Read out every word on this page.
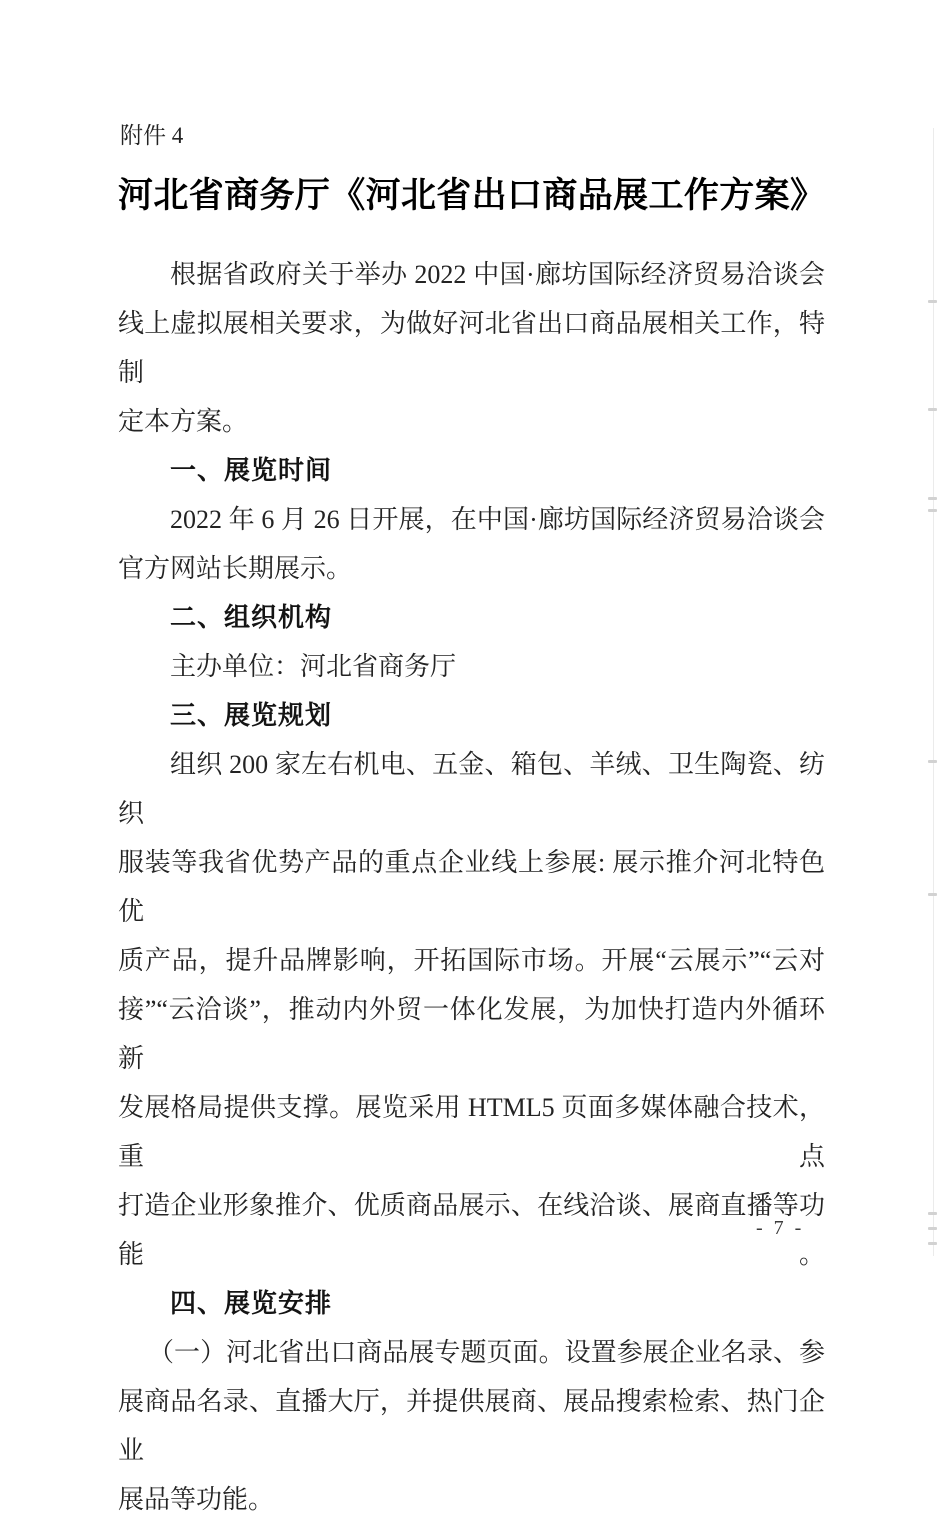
附件 4
河北省商务厅《河北省出口商品展工作方案》
根据省政府关于举办 2022 中国·廊坊国际经济贸易洽谈会
线上虚拟展相关要求，为做好河北省出口商品展相关工作，特制
定本方案。
一、展览时间
2022 年 6 月 26 日开展，在中国·廊坊国际经济贸易洽谈会
官方网站长期展示。
二、组织机构
主办单位：河北省商务厅
三、展览规划
组织 200 家左右机电、五金、箱包、羊绒、卫生陶瓷、纺织
服装等我省优势产品的重点企业线上参展: 展示推介河北特色优
质产品，提升品牌影响，开拓国际市场。开展“云展示”“云对
接”“云洽谈”，推动内外贸一体化发展，为加快打造内外循环新
发展格局提供支撑。展览采用 HTML5 页面多媒体融合技术，重点
打造企业形象推介、优质商品展示、在线洽谈、展商直播等功能。
四、展览安排
（一）河北省出口商品展专题页面。设置参展企业名录、参
展商品名录、直播大厅，并提供展商、展品搜索检索、热门企业
展品等功能。
- 7 -
